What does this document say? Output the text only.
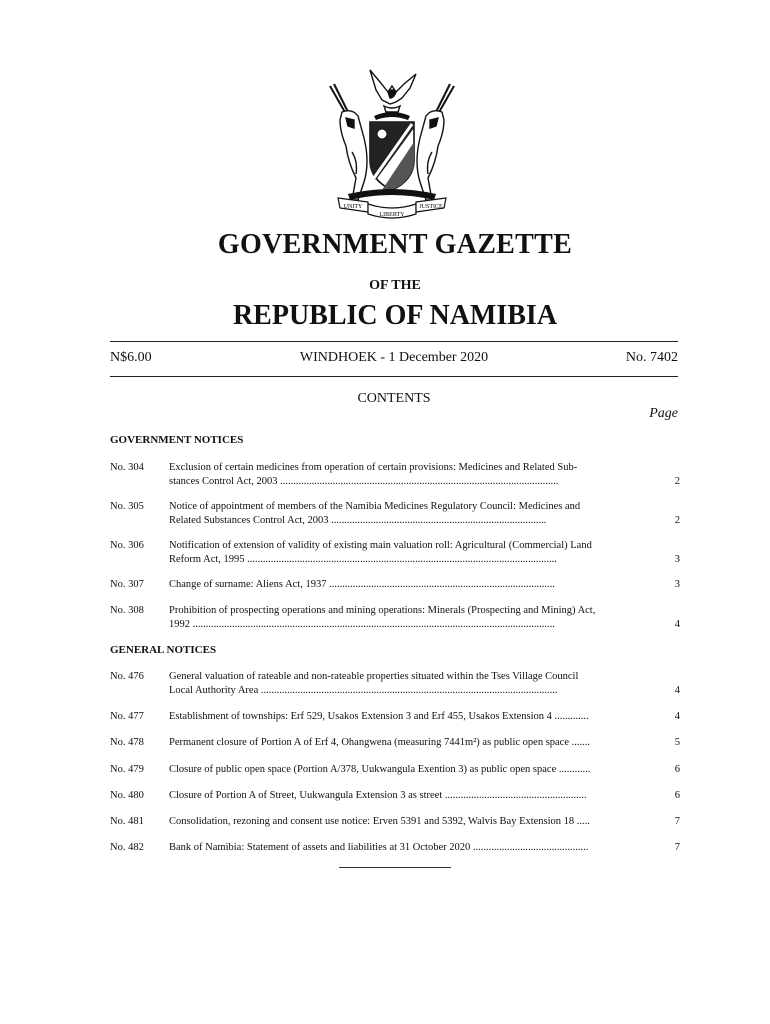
UNITY
LIBERTY
JUSTICE
GOVERNMENT GAZETTE
OF THE
REPUBLIC OF NAMIBIA
N$6.00	WINDHOEK - 1 December 2020	No. 7402
CONTENTS
Page
GOVERNMENT NOTICES
No. 304 Exclusion of certain medicines from operation of certain provisions: Medicines and Related Sub-
stances Control Act, 2003 ..........................................................................................................	2
No. 305 Notice of appointment of members of the Namibia Medicines Regulatory Council: Medicines and
Related Substances Control Act, 2003 ..................................................................................	2
No. 306 Notification of extension of validity of existing main valuation roll: Agricultural (Commercial) Land
Reform Act, 1995 ......................................................................................................................	3
No. 307 Change of surname: Aliens Act, 1937 ......................................................................................	3
No. 308 Prohibition of prospecting operations and mining operations: Minerals (Prospecting and Mining) Act,
1992 ..........................................................................................................................................	4
GENERAL NOTICES
No. 476 General valuation of rateable and non-rateable properties situated within the Tses Village Council
Local Authority Area .................................................................................................................	4
No. 477 Establishment of townships: Erf 529, Usakos Extension 3 and Erf 455, Usakos Extension 4 .............	4
No. 478 Permanent closure of Portion A of Erf 4, Ohangwena (measuring 7441m²) as public open space .......	5
No. 479 Closure of public open space (Portion A/378, Uukwangula Exention 3) as public open space ............	6
No. 480 Closure of Portion A of Street, Uukwangula Extension 3 as street ......................................................	6
No. 481 Consolidation, rezoning and consent use notice: Erven 5391 and 5392, Walvis Bay Extension 18 .....	7
No. 482 Bank of Namibia: Statement of assets and liabilities at 31 October 2020 ............................................	7
